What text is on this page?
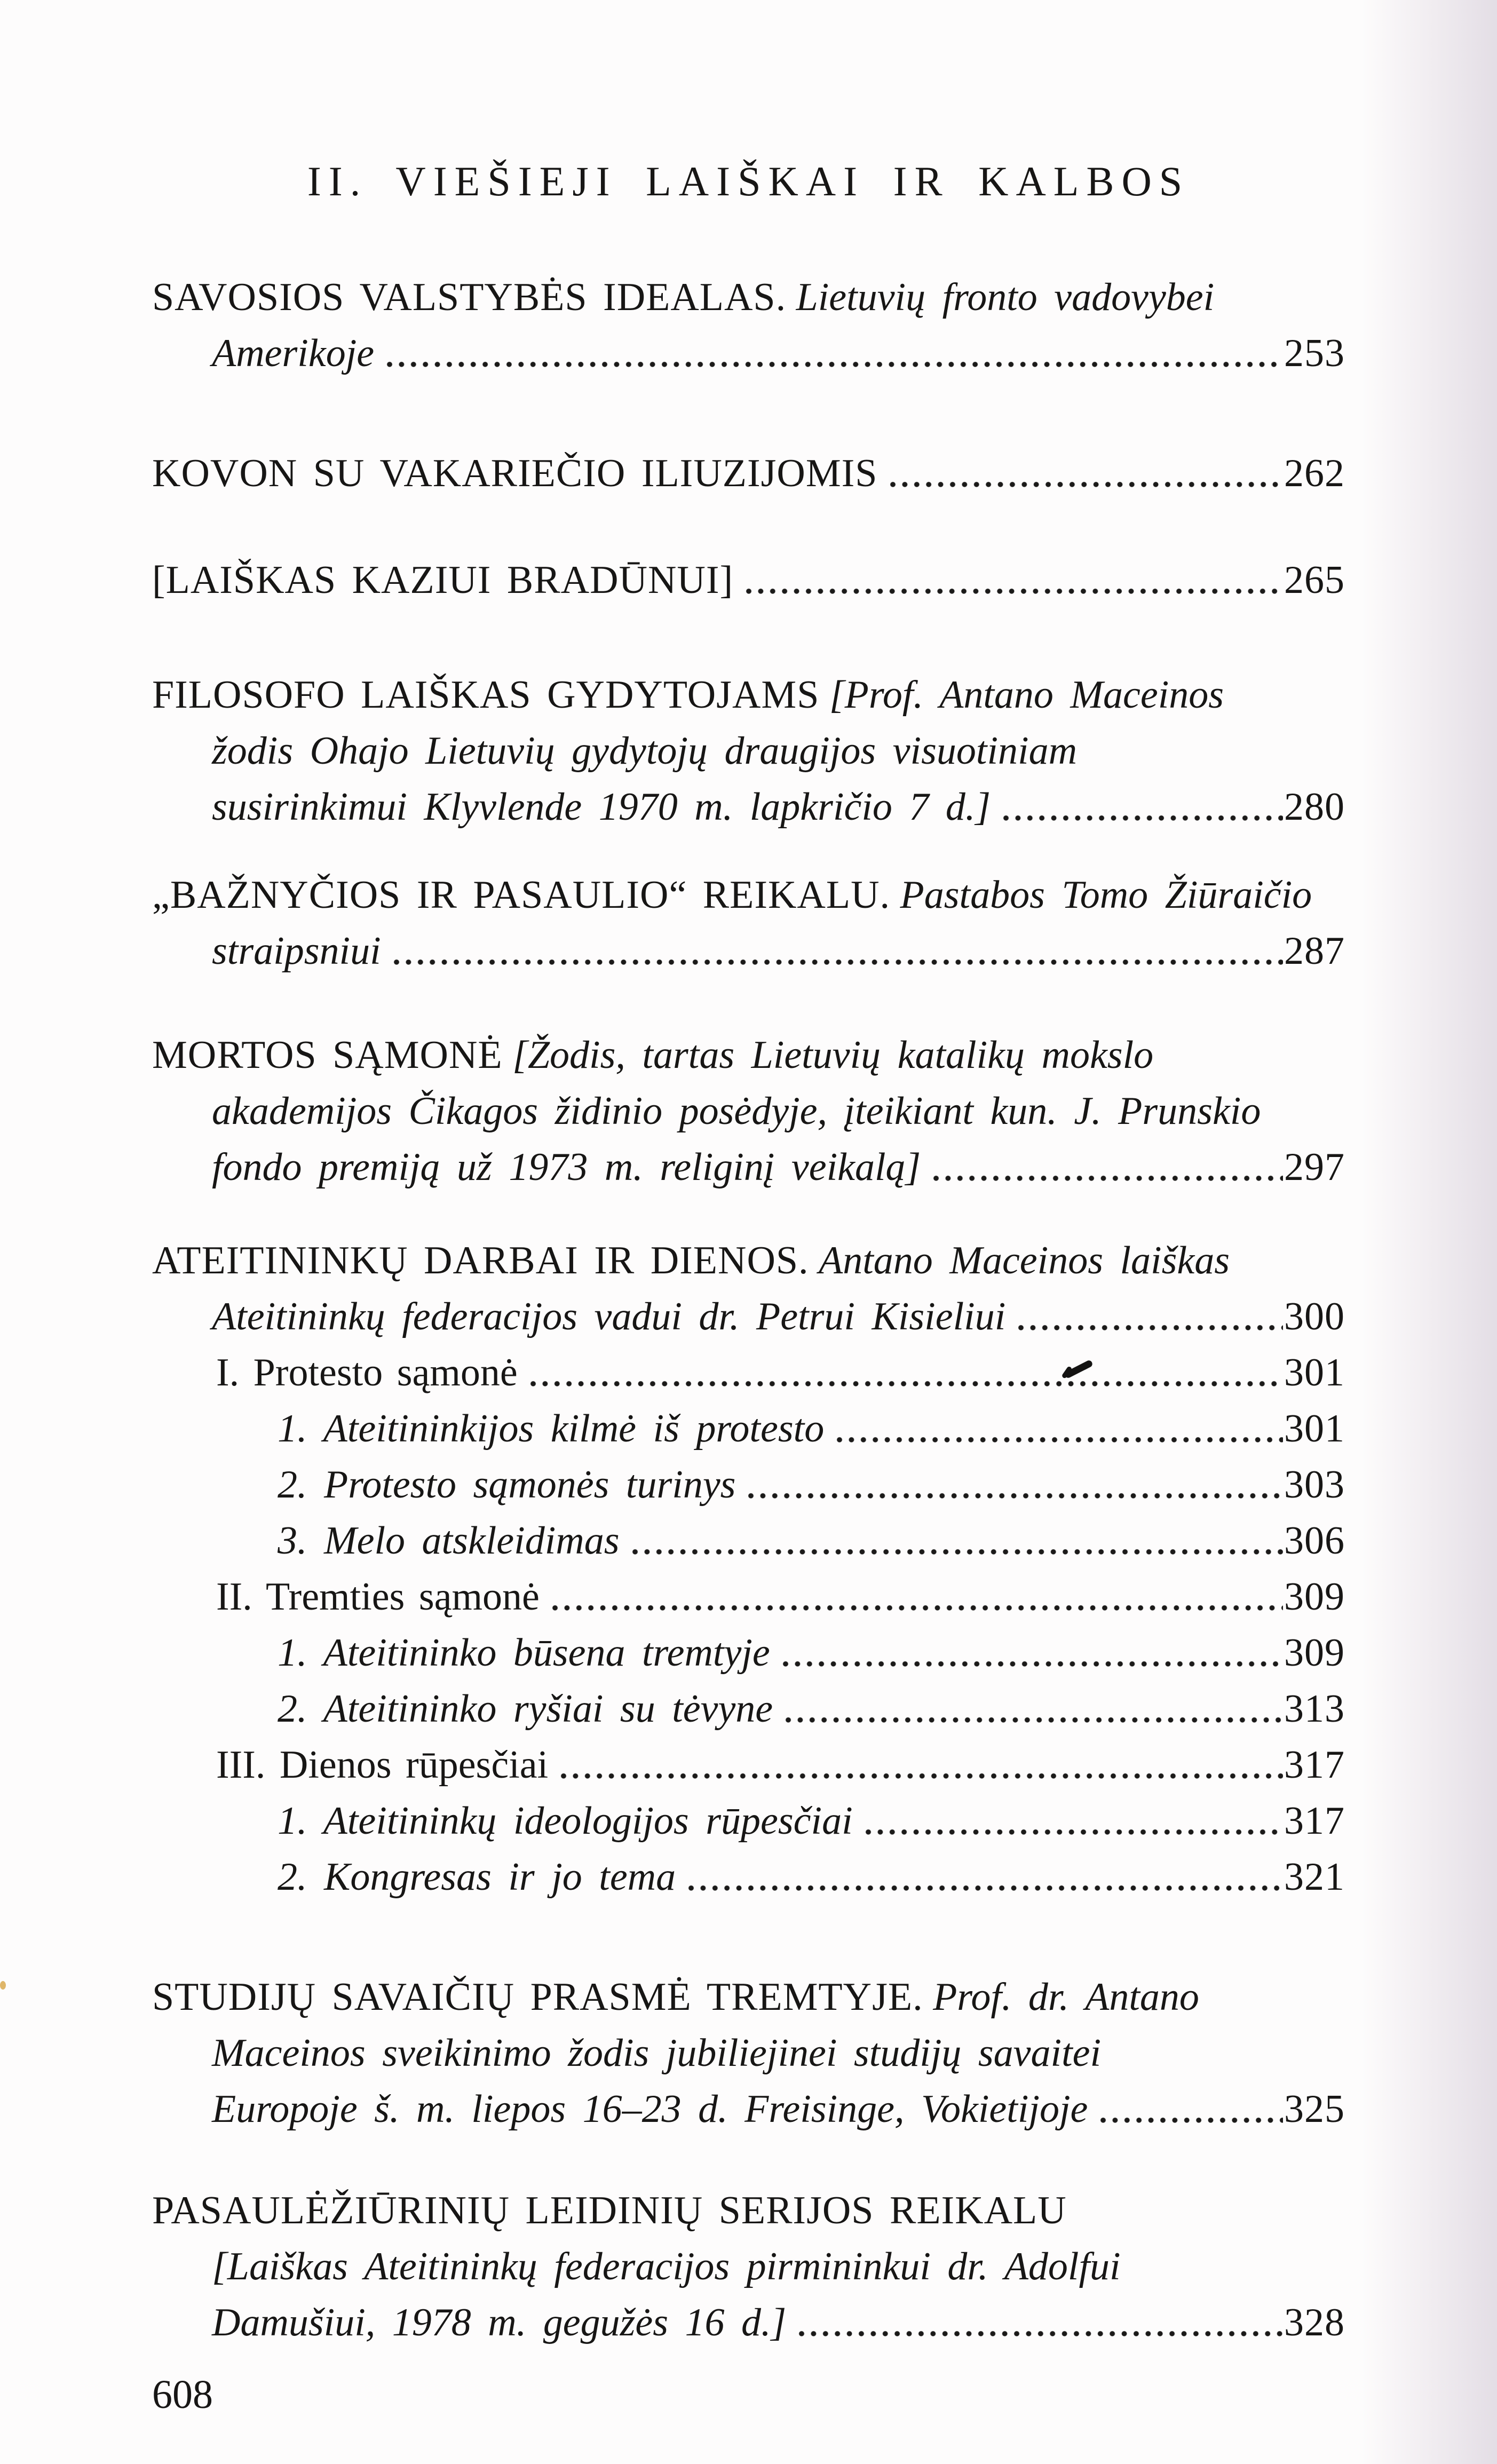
II. VIEŠIEJI LAIŠKAI IR KALBOS
SAVOSIOS VALSTYBĖS IDEALAS. Lietuvių fronto vadovybei
Amerikoje	253
KOVON SU VAKARIEČIO ILIUZIJOMIS	262
[LAIŠKAS KAZIUI BRADŪNUI]	265
FILOSOFO LAIŠKAS GYDYTOJAMS [Prof. Antano Maceinos
žodis Ohajo Lietuvių gydytojų draugijos visuotiniam
susirinkimui Klyvlende 1970 m. lapkričio 7 d.]	280
„BAŽNYČIOS IR PASAULIO“ REIKALU. Pastabos Tomo Žiūraičio
straipsniui	287
MORTOS SĄMONĖ [Žodis, tartas Lietuvių katalikų mokslo
akademijos Čikagos židinio posėdyje, įteikiant kun. J. Prunskio
fondo premiją už 1973 m. religinį veikalą]	297
ATEITININKŲ DARBAI IR DIENOS. Antano Maceinos laiškas
Ateitininkų federacijos vadui dr. Petrui Kisieliui	300
I. Protesto sąmonė	301
1. Ateitininkijos kilmė iš protesto	301
2. Protesto sąmonės turinys	303
3. Melo atskleidimas	306
II. Tremties sąmonė	309
1. Ateitininko būsena tremtyje	309
2. Ateitininko ryšiai su tėvyne	313
III. Dienos rūpesčiai	317
1. Ateitininkų ideologijos rūpesčiai	317
2. Kongresas ir jo tema	321
STUDIJŲ SAVAIČIŲ PRASMĖ TREMTYJE. Prof. dr. Antano
Maceinos sveikinimo žodis jubiliejinei studijų savaitei
Europoje š. m. liepos 16–23 d. Freisinge, Vokietijoje	325
PASAULĖŽIŪRINIŲ LEIDINIŲ SERIJOS REIKALU
[Laiškas Ateitininkų federacijos pirmininkui dr. Adolfui
Damušiui, 1978 m. gegužės 16 d.]	328
608
